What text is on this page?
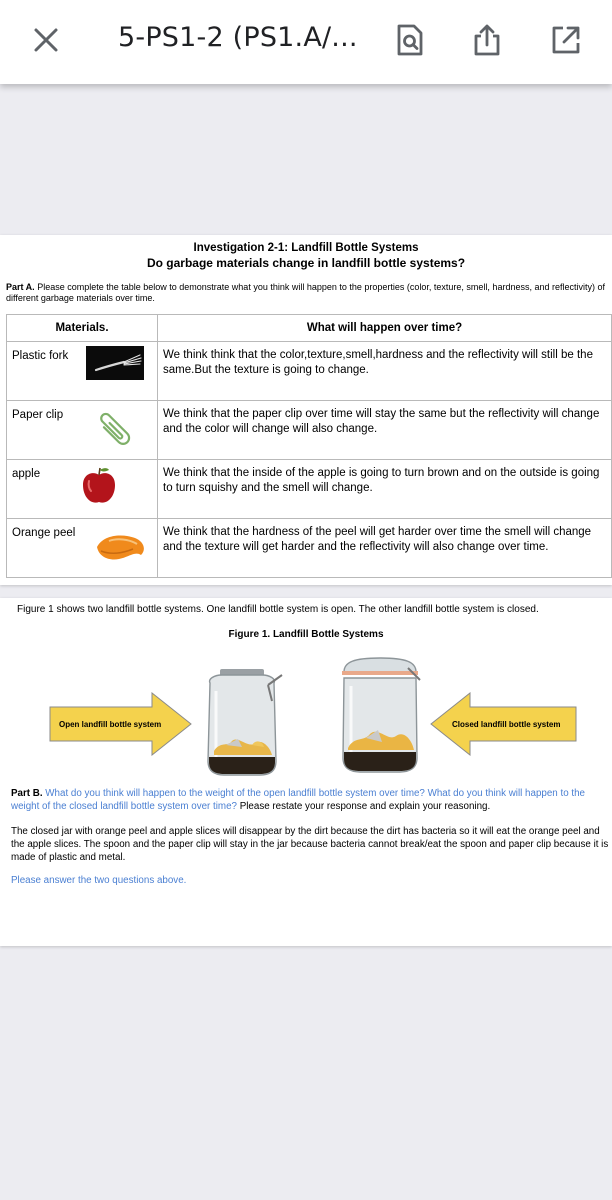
5-PS1-2 (PS1.A/...
Investigation 2-1: Landfill Bottle Systems
Do garbage materials change in landfill bottle systems?
Part A. Please complete the table below to demonstrate what you think will happen to the properties (color, texture, smell, hardness, and reflectivity) of different garbage materials over time.
Materials.	What will happen over time?

Plastic fork	We think think that the color,texture,smell,hardness and the reflectivity will still be the same.But the texture is going to change.

Paper clip	We think that the paper clip over time will stay the same but the reflectivity will change and the color will change will also change.

apple	We think that the inside of the apple is going to turn brown and on the outside is going to turn squishy and the smell will change.

Orange peel	We think that the hardness of the peel will get harder over time the smell will change and the texture will get harder and the reflectivity will also change over time.
Figure 1 shows two landfill bottle systems. One landfill bottle system is open. The other landfill bottle system is closed.
Figure 1. Landfill Bottle Systems
Open landfill bottle system	Closed landfill bottle system
Part B. What do you think will happen to the weight of the open landfill bottle system over time? What do you think will happen to the weight of the closed landfill bottle system over time? Please restate your response and explain your reasoning.
The closed jar with orange peel and apple slices will disappear by the dirt because the dirt has bacteria so it will eat the orange peel and the apple slices. The spoon and the paper clip will stay in the jar because bacteria cannot break/eat the spoon and paper clip because it is made of plastic and metal.
Please answer the two questions above.
